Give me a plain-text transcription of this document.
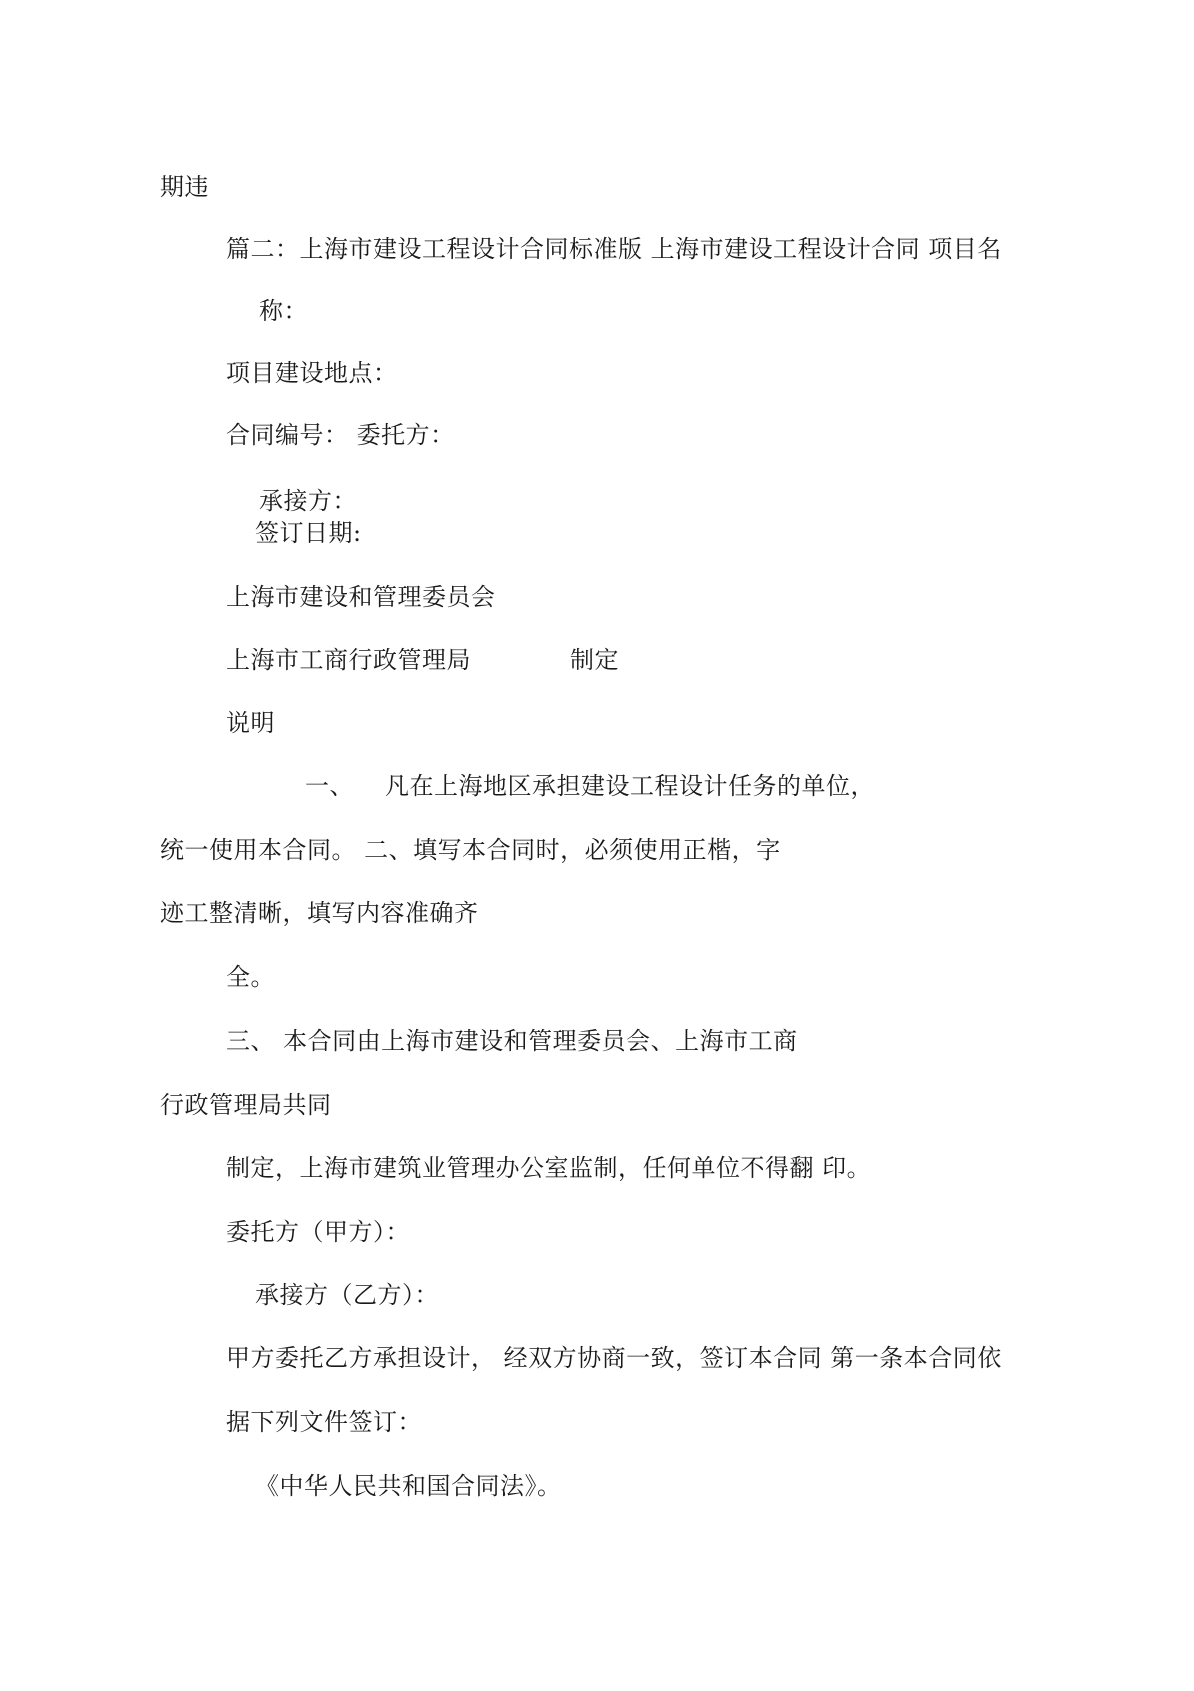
期违
篇二：上海市建设工程设计合同标准版 上海市建设工程设计合同 项目名
称：
项目建设地点：
合同编号： 委托方：
承接方：
签订日期:
上海市建设和管理委员会
上海市工商行政管理局	制定
说明
一、 凡在上海地区承担建设工程设计任务的单位，
统一使用本合同。 二、填写本合同时，必须使用正楷，字
迹工整清晰，填写内容准确齐
全。
三、 本合同由上海市建设和管理委员会、上海市工商
行政管理局共同
制定，上海市建筑业管理办公室监制，任何单位不得翻 印。
委托方（甲方）：
承接方（乙方）：
甲方委托乙方承担设计， 经双方协商一致，签订本合同 第一条本合同依
据下列文件签订：
《中华人民共和国合同法》。
